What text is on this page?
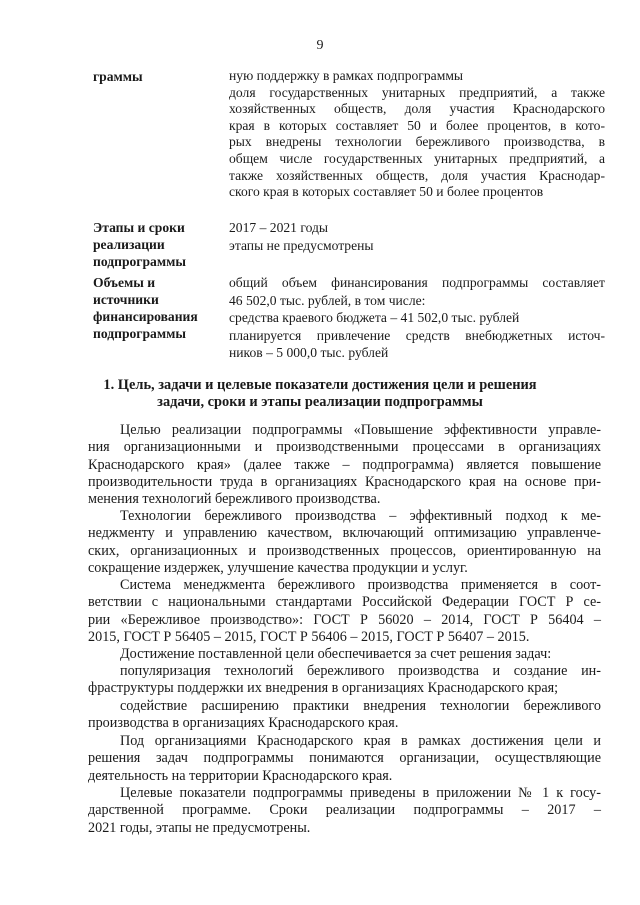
9
граммы	ную поддержку в рамках подпрограммы
доля государственных унитарных предприятий, а также
хозяйственных обществ, доля участия Краснодарского
края в которых составляет 50 и более процентов, в кото-
рых внедрены технологии бережливого производства, в
общем числе государственных унитарных предприятий, а
также хозяйственных обществ, доля участия Краснодар-
ского края в которых составляет 50 и более процентов
Этапы и сроки
реализации
подпрограммы
2017 – 2021 годы
этапы не предусмотрены
Объемы и
источники
финансирования
подпрограммы
общий объем финансирования подпрограммы составляет
46 502,0 тыс. рублей, в том числе:
средства краевого бюджета – 41 502,0 тыс. рублей
планируется привлечение средств внебюджетных источ-
ников – 5 000,0 тыс. рублей
1. Цель, задачи и целевые показатели достижения цели и решения
задачи, сроки и этапы реализации подпрограммы
Целью реализации подпрограммы «Повышение эффективности управле-
ния организационными и производственными процессами в организациях
Краснодарского края» (далее также – подпрограмма) является повышение
производительности труда в организациях Краснодарского края на основе при-
менения технологий бережливого производства.
Технологии бережливого производства – эффективный подход к ме-
неджменту и управлению качеством, включающий оптимизацию управленче-
ских, организационных и производственных процессов, ориентированную на
сокращение издержек, улучшение качества продукции и услуг.
Система менеджмента бережливого производства применяется в соот-
ветствии с национальными стандартами Российской Федерации ГОСТ Р се-
рии «Бережливое производство»: ГОСТ Р 56020 – 2014, ГОСТ Р 56404 –
2015, ГОСТ Р 56405 – 2015, ГОСТ Р 56406 – 2015, ГОСТ Р 56407 – 2015.
Достижение поставленной цели обеспечивается за счет решения задач:
популяризация технологий бережливого производства и создание ин-
фраструктуры поддержки их внедрения в организациях Краснодарского края;
содействие расширению практики внедрения технологии бережливого
производства в организациях Краснодарского края.
Под организациями Краснодарского края в рамках достижения цели и
решения задач подпрограммы понимаются организации, осуществляющие
деятельность на территории Краснодарского края.
Целевые показатели подпрограммы приведены в приложении № 1 к госу-
дарственной программе. Сроки реализации подпрограммы – 2017 –
2021 годы, этапы не предусмотрены.
